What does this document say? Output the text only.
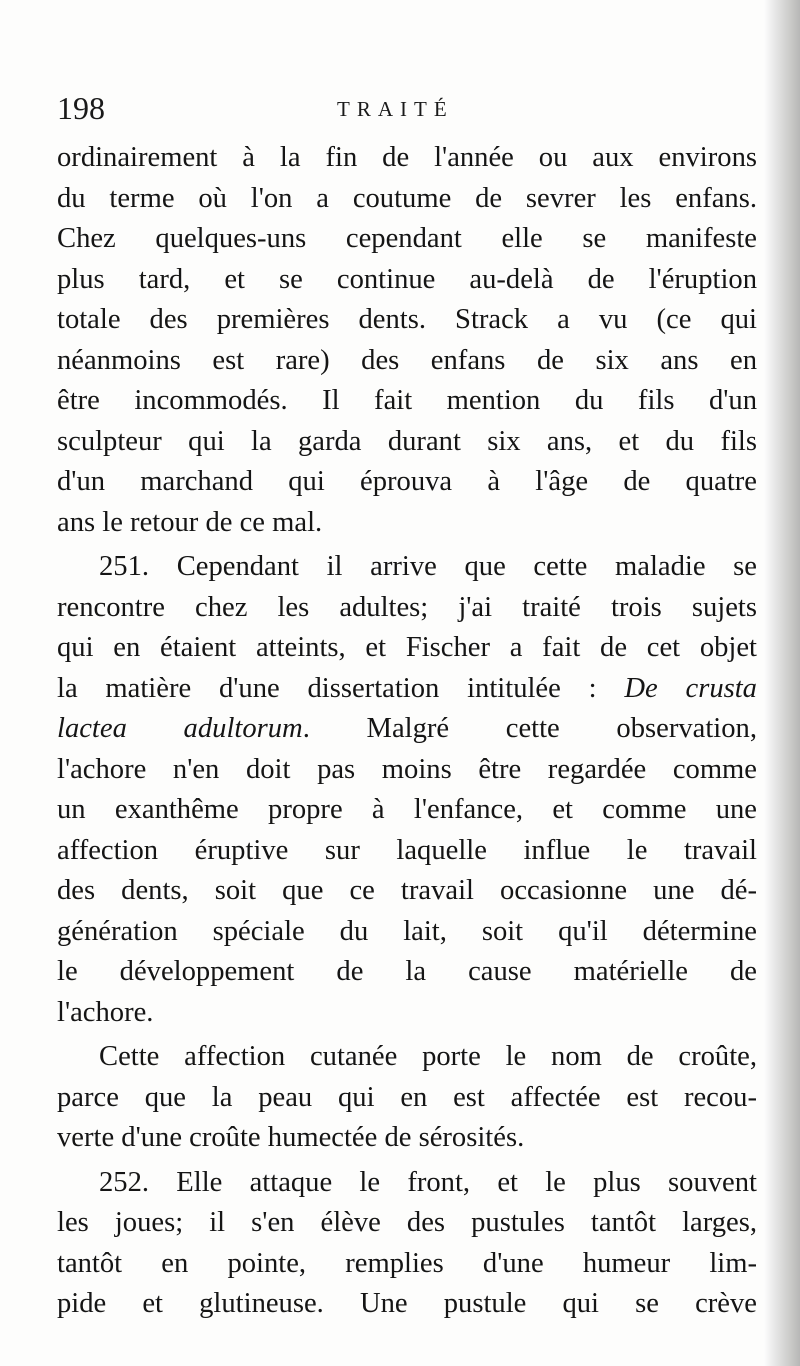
198	TRAITÉ
ordinairement à la fin de l'année ou aux environs
du terme où l'on a coutume de sevrer les enfans.
Chez quelques-uns cependant elle se manifeste
plus tard, et se continue au-delà de l'éruption
totale des premières dents. Strack a vu (ce qui
néanmoins est rare) des enfans de six ans en
être incommodés. Il fait mention du fils d'un
sculpteur qui la garda durant six ans, et du fils
d'un marchand qui éprouva à l'âge de quatre
ans le retour de ce mal.
251. Cependant il arrive que cette maladie se
rencontre chez les adultes; j'ai traité trois sujets
qui en étaient atteints, et Fischer a fait de cet objet
la matière d'une dissertation intitulée : De crusta
lactea adultorum. Malgré cette observation,
l'achore n'en doit pas moins être regardée comme
un exanthême propre à l'enfance, et comme une
affection éruptive sur laquelle influe le travail
des dents, soit que ce travail occasionne une dé-
génération spéciale du lait, soit qu'il détermine
le développement de la cause matérielle de
l'achore.
Cette affection cutanée porte le nom de croûte,
parce que la peau qui en est affectée est recou-
verte d'une croûte humectée de sérosités.
252. Elle attaque le front, et le plus souvent
les joues; il s'en élève des pustules tantôt larges,
tantôt en pointe, remplies d'une humeur lim-
pide et glutineuse. Une pustule qui se crève
